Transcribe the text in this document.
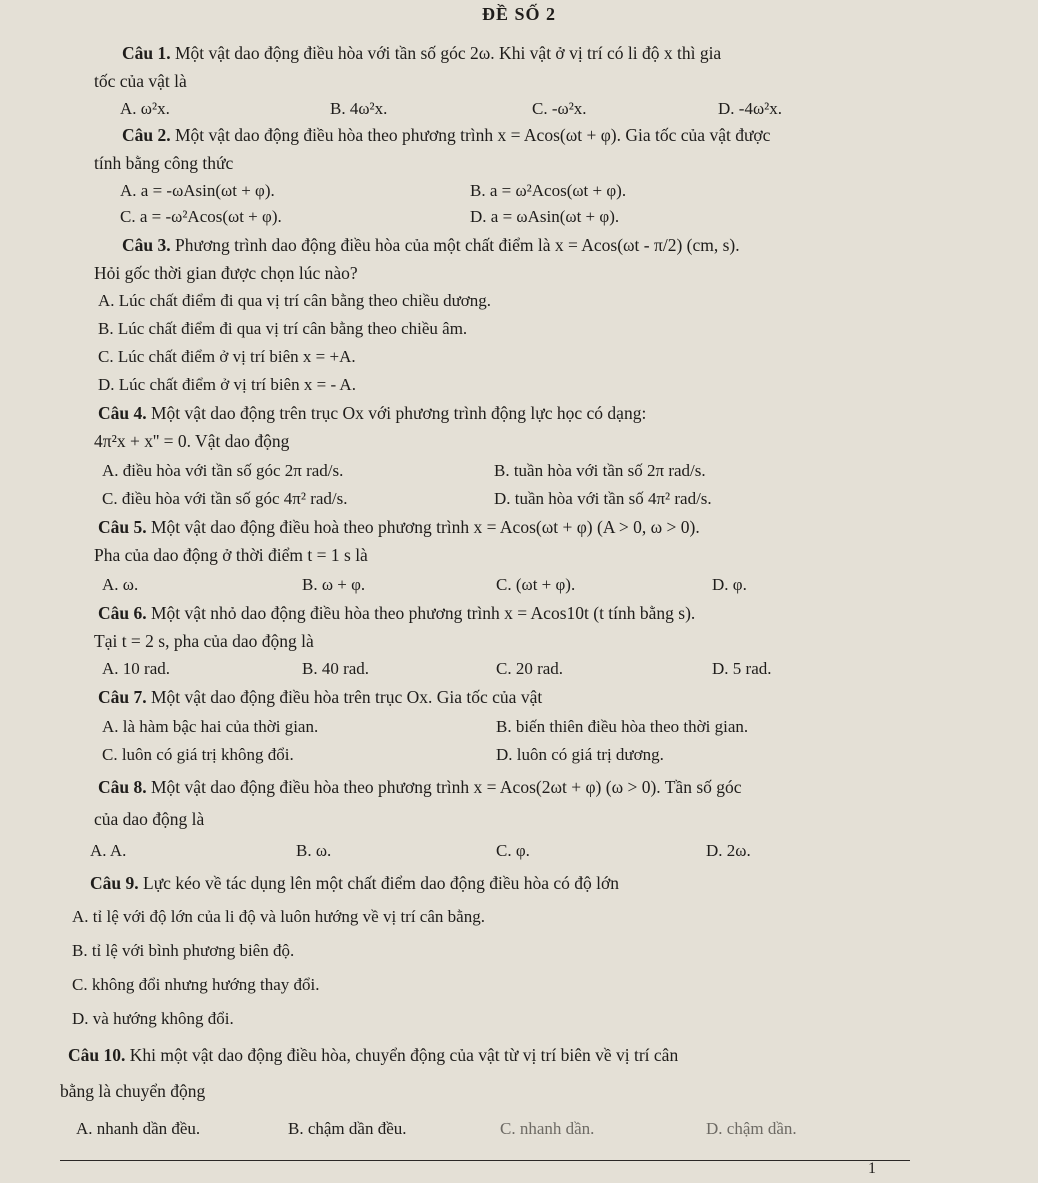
ĐỀ SỐ 2
Câu 1. Một vật dao động điều hòa với tần số góc 2ω. Khi vật ở vị trí có li độ x thì gia
tốc của vật là
A. ω²x.	B. 4ω²x.	C. -ω²x.	D. -4ω²x.
Câu 2. Một vật dao động điều hòa theo phương trình x = Acos(ωt + φ). Gia tốc của vật được
tính bằng công thức
A. a = -ωAsin(ωt + φ).	B. a = ω²Acos(ωt + φ).
C. a = -ω²Acos(ωt + φ).	D. a = ωAsin(ωt + φ).
Câu 3. Phương trình dao động điều hòa của một chất điểm là x = Acos(ωt - π/2) (cm, s).
Hỏi gốc thời gian được chọn lúc nào?
A. Lúc chất điểm đi qua vị trí cân bằng theo chiều dương.
B. Lúc chất điểm đi qua vị trí cân bằng theo chiều âm.
C. Lúc chất điểm ở vị trí biên x = +A.
D. Lúc chất điểm ở vị trí biên x = - A.
Câu 4. Một vật dao động trên trục Ox với phương trình động lực học có dạng:
4π²x + x'' = 0. Vật dao động
A. điều hòa với tần số góc 2π rad/s.	B. tuần hòa với tần số 2π rad/s.
C. điều hòa với tần số góc 4π² rad/s.	D. tuần hòa với tần số 4π² rad/s.
Câu 5. Một vật dao động điều hoà theo phương trình x = Acos(ωt + φ) (A > 0, ω > 0).
Pha của dao động ở thời điểm t = 1 s là
A. ω.	B. ω + φ.	C. (ωt + φ).	D. φ.
Câu 6. Một vật nhỏ dao động điều hòa theo phương trình x = Acos10t (t tính bằng s).
Tại t = 2 s, pha của dao động là
A. 10 rad.	B. 40 rad.	C. 20 rad.	D. 5 rad.
Câu 7. Một vật dao động điều hòa trên trục Ox. Gia tốc của vật
A. là hàm bậc hai của thời gian.	B. biến thiên điều hòa theo thời gian.
C. luôn có giá trị không đổi.	D. luôn có giá trị dương.
Câu 8. Một vật dao động điều hòa theo phương trình x = Acos(2ωt + φ) (ω > 0). Tần số góc
của dao động là
A. A.	B. ω.	C. φ.	D. 2ω.
Câu 9. Lực kéo về tác dụng lên một chất điểm dao động điều hòa có độ lớn
A. tỉ lệ với độ lớn của li độ và luôn hướng về vị trí cân bằng.
B. tỉ lệ với bình phương biên độ.
C. không đổi nhưng hướng thay đổi.
D. và hướng không đổi.
Câu 10. Khi một vật dao động điều hòa, chuyển động của vật từ vị trí biên về vị trí cân
bằng là chuyển động
A. nhanh dần đều.	B. chậm dần đều.	C. nhanh dần.	D. chậm dần.
1
